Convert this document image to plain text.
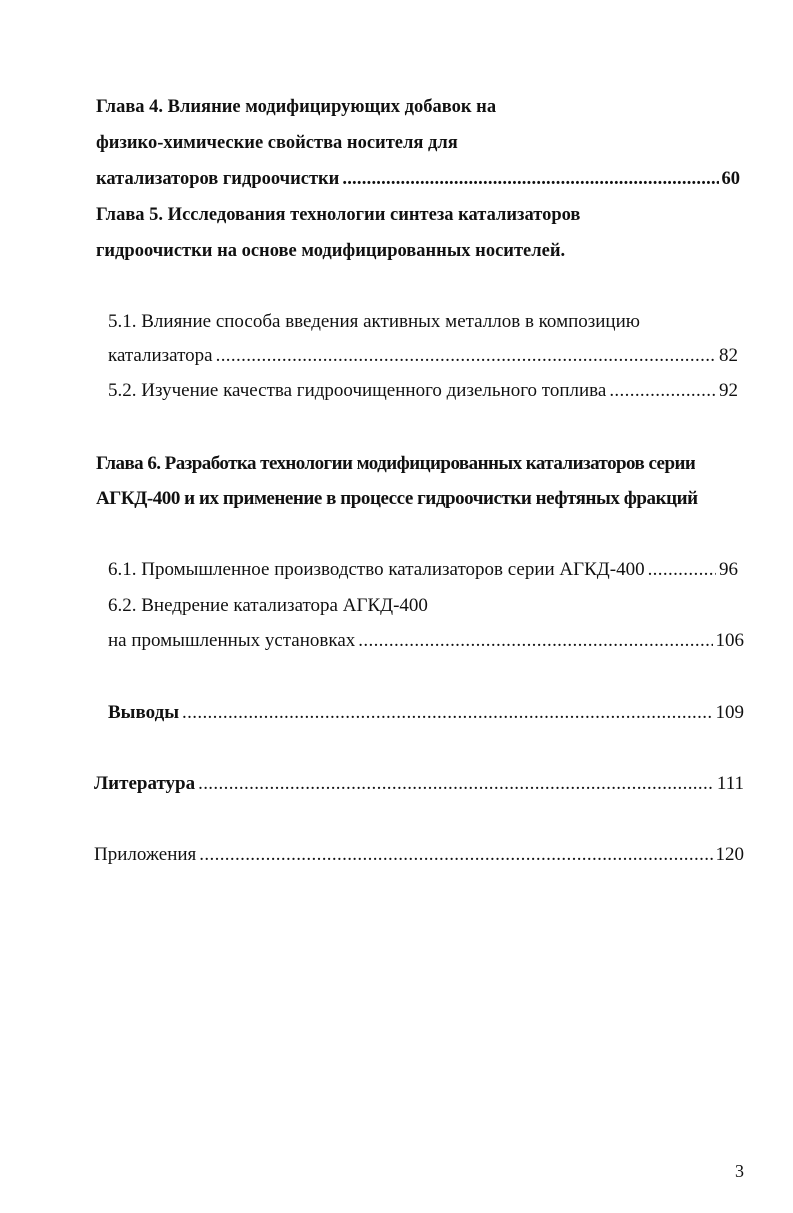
Глава 4. Влияние модифицирующих добавок на
физико-химические свойства носителя для
катализаторов гидроочистки . . .	60
Глава 5. Исследования технологии синтеза катализаторов
гидроочистки на основе модифицированных носителей.
5.1. Влияние способа введения активных металлов в композицию
катализатора . . .	82
5.2. Изучение качества гидроочищенного дизельного топлива . . .	92
Глава 6. Разработка технологии модифицированных катализаторов серии
АГКД-400 и их применение в процессе гидроочистки нефтяных фракций
6.1. Промышленное производство катализаторов серии АГКД-400 . . .	96
6.2. Внедрение катализатора АГКД-400
на промышленных установках . . .	106
Выводы . . .	109
Литература . . .	111
Приложения . . .	120
3
